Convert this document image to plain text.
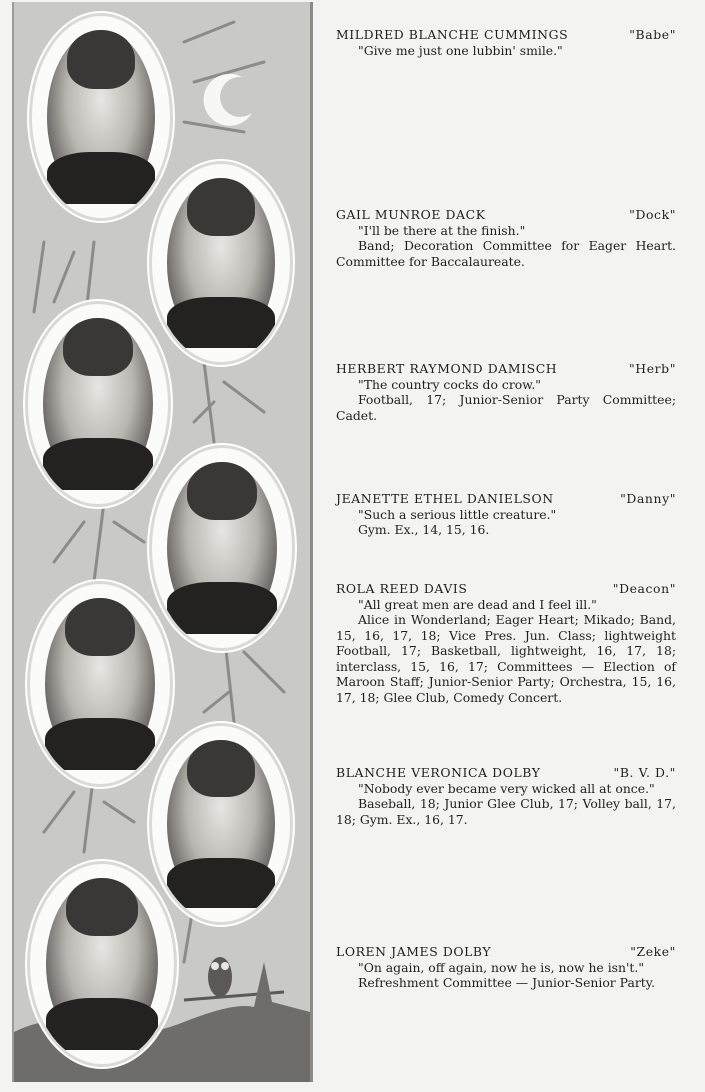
MILDRED BLANCHE CUMMINGS	"Babe"
"Give me just one lubbin' smile."
GAIL MUNROE DACK	"Dock"
"I'll be there at the finish."
Band; Decoration Committee for Eager Heart. Committee for Baccalaureate.
HERBERT RAYMOND DAMISCH	"Herb"
"The country cocks do crow."
Football, 17; Junior-Senior Party Committee; Cadet.
JEANETTE ETHEL DANIELSON	"Danny"
"Such a serious little creature."
Gym. Ex., 14, 15, 16.
ROLA REED DAVIS	"Deacon"
"All great men are dead and I feel ill."
Alice in Wonderland; Eager Heart; Mikado; Band, 15, 16, 17, 18; Vice Pres. Jun. Class; lightweight Football, 17; Basketball, lightweight, 16, 17, 18; interclass, 15, 16, 17; Committees — Election of Maroon Staff; Junior-Senior Party; Orchestra, 15, 16, 17, 18; Glee Club, Comedy Concert.
BLANCHE VERONICA DOLBY	"B. V. D."
"Nobody ever became very wicked all at once."
Baseball, 18; Junior Glee Club, 17; Volley ball, 17, 18; Gym. Ex., 16, 17.
LOREN JAMES DOLBY	"Zeke"
"On again, off again, now he is, now he isn't."
Refreshment Committee — Junior-Senior Party.
